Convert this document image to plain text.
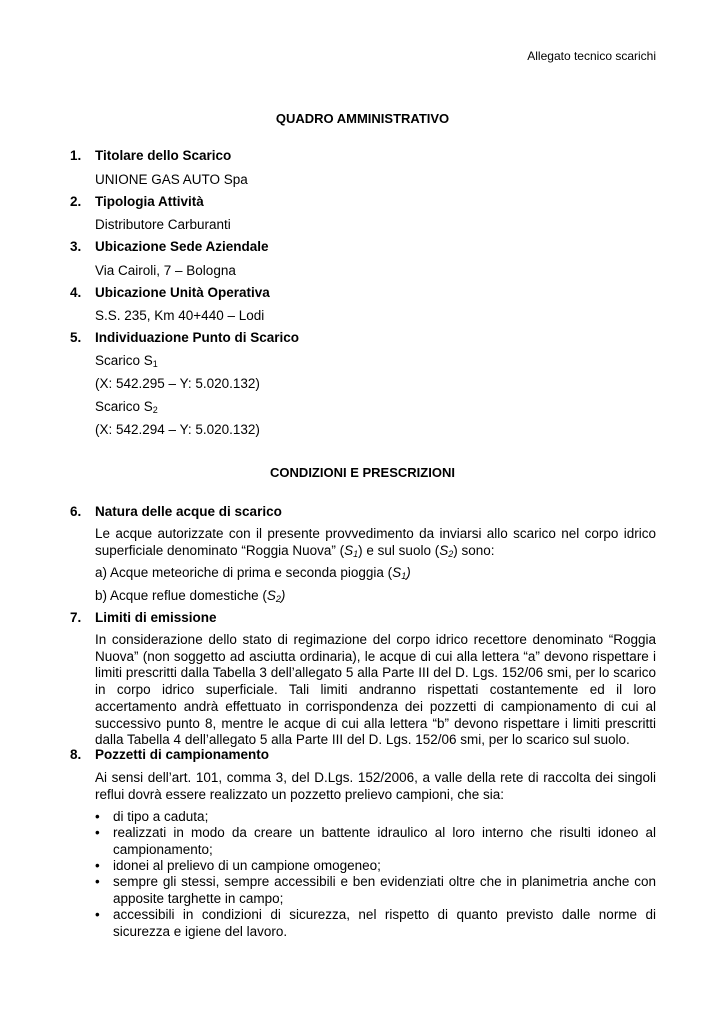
Allegato tecnico scarichi
QUADRO AMMINISTRATIVO
1.	Titolare dello Scarico
UNIONE GAS AUTO Spa
2.	Tipologia Attività
Distributore Carburanti
3.	Ubicazione Sede Aziendale
Via Cairoli, 7 – Bologna
4.	Ubicazione Unità Operativa
S.S. 235, Km 40+440 – Lodi
5.	Individuazione Punto di Scarico
Scarico $S_1$
(X: 542.295 – Y: 5.020.132)
Scarico $S_2$
(X: 542.294 – Y: 5.020.132)
CONDIZIONI E PRESCRIZIONI
6.	Natura delle acque di scarico
Le acque autorizzate con il presente provvedimento da inviarsi allo scarico nel corpo idrico superficiale denominato “Roggia Nuova” $(S_1)$ e sul suolo $(S_2)$ sono:
a) Acque meteoriche di prima e seconda pioggia $(S_1)$
b) Acque reflue domestiche $(S_2)$
7.	Limiti di emissione
In considerazione dello stato di regimazione del corpo idrico recettore denominato “Roggia Nuova” (non soggetto ad asciutta ordinaria), le acque di cui alla lettera “a” devono rispettare i limiti prescritti dalla Tabella 3 dell’allegato 5 alla Parte III del D. Lgs. 152/06 smi, per lo scarico in corpo idrico superficiale. Tali limiti andranno rispettati costantemente ed il loro accertamento andrà effettuato in corrispondenza dei pozzetti di campionamento di cui al successivo punto 8, mentre le acque di cui alla lettera “b” devono rispettare i limiti prescritti dalla Tabella 4 dell’allegato 5 alla Parte III del D. Lgs. 152/06 smi, per lo scarico sul suolo.
8.	Pozzetti di campionamento
Ai sensi dell’art. 101, comma 3, del D.Lgs. 152/2006, a valle della rete di raccolta dei singoli reflui dovrà essere realizzato un pozzetto prelievo campioni, che sia:
• di tipo a caduta;
• realizzati in modo da creare un battente idraulico al loro interno che risulti idoneo al campionamento;
• idonei al prelievo di un campione omogeneo;
• sempre gli stessi, sempre accessibili e ben evidenziati oltre che in planimetria anche con apposite targhette in campo;
• accessibili in condizioni di sicurezza, nel rispetto di quanto previsto dalle norme di sicurezza e igiene del lavoro.
